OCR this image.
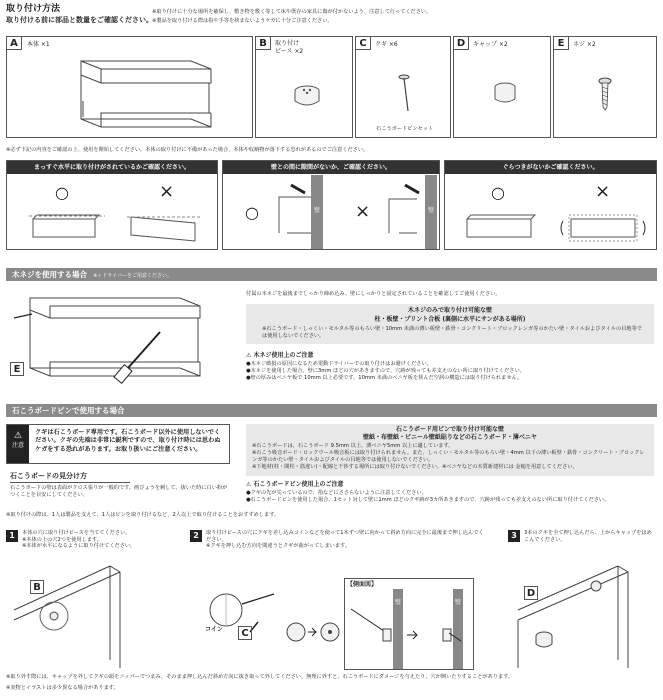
取り付け方法
取り付ける前に部品と数量をご確認ください。
※取り付けに十分な場所を確保し、敷き物を敷く等して床や既存の家具に傷が付かないよう、注意して行ってください。
※製品を取り付ける際は指や手等を挟まないようケガに十分ご注意ください。
A	本体 ×1	B	取り付け
ピース ×2
C	クギ ×6	D	キャップ ×2	E	ネジ ×2
石こうボードピンセット
※必ず下記の内容をご確認の上、使用を開始してください。本体の取り付けに不備があった場合、本体や収納物が落下する恐れがあるのでご注意ください。
まっすぐ水平に取り付けがされているかご確認ください。
○	×
壁との間に隙間がないか、ご確認ください。
○	×
壁	壁
ぐらつきがないかご確認ください。
○	×
木ネジを使用する場合 ※＋ドライバーをご用意ください。
E
付属の木ネジを最後までしっかり締め込み、壁にしっかりと固定されていることを確認してご使用ください。
木ネジのみで取り付け可能な壁
柱・板壁・プリント合板 (裏側に水平にサンがある場所)
※石こうボード・しっくい・モルタル等のもろい壁・10mm 未満の薄い板壁・鉄骨・コンクリート・ブロックレンガ等のかたい壁・タイルおよびタイルの目地等では使用しないでください。
⚠ 木ネジ使用上のご注意
●木ネジ破損の原因になるため電動ドライバーでの取り付けはお避けください。
●木ネジを使用した場合、壁に3mm ほどの穴があきますので、穴跡が残っても差支えのない所に取り付けてください。
●壁の厚みはベニヤ板で 10mm 以上必要です。10mm 未満のベニヤ板を挟んだ空洞の構造には取り付けられません。
石こうボードピンで使用する場合
⚠
注意
クギは石こうボード専用です。石こうボード以外に使用しないでください。クギの先端は非常に鋭利ですので、取り付け時には思わぬケガをする恐れがあります。お取り扱いにご注意ください。
石こうボードの見分け方
石こうボードの壁は表面がクロス張りが一般的です。画びょうを刺して、抜いた時に白い粉がつくことを目安にしてください。
石こうボード用ピンで取り付け可能な壁
壁紙・布壁紙・ビニール壁紙貼りなどの石こうボード・薄ベニヤ
※石こうボードは、石こうボード 9.5mm 以上、薄ベニヤ5mm 以上に適しています。
※石こう吸音ボード・ロックウール吸音板には取り付けられません。また、しっくい・モルタル等のもろい壁・4mm 以下の薄い板壁・鉄骨・コンクリート・ブロックレンガ等のかたい壁・タイルおよびタイルの目地等では使用しないでください。
※下地材(柱・間柱・筋違い)・配線と干渉する場所には取り付けないでください。※ベニヤなどの木質新建材には 金槌を用意してください。
⚠ 石こうボードピン使用上のご注意
●クギの先が尖っているので、指などにささらないように注意してください。
●石こうボードピンを使用した場合、1セット対して壁に1mm ほどのクギ跡が3カ所あきますので、穴跡が残っても差支えのない所に取り付けてください。
※取り付けの際は、1人は製品を支えて、1人はピンを取り付けるなど、2人以上で取り付けることをおすすめします。
1	本体の穴に取り付けピースを当ててください。
※本体の上の穴2つを使用します。
※本体が水平になるように取り付けてください。
2	取り付けピースの穴にクギを差し込みコインなどを使って1本ずつ壁に向かって斜め方向に完全に最後まで押し込んでください。
※クギを押し込む方向を間違うとクギが曲がってしまいます。
3	3本のクギを全て押し込んだら、上からキャップをはめこんでください。
B
コイン	C
【側面図】
壁	壁
D
※取り外す際には、キャップを外してクギの頭をニッパーでつまみ、そのまま押し込んだ斜め方向に抜き取って外してください。無理に外すと、石こうボードにダメージを与えたり、穴が開いたりすることがあります。
※実物とイラストは多少異なる場合があります。
